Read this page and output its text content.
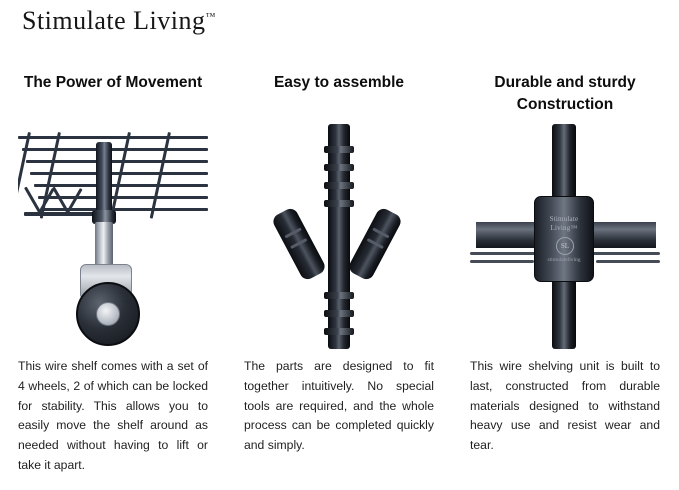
Stimulate Living™
The Power of Movement
This wire shelf comes with a set of 4 wheels, 2 of which can be locked for stability. This allows you to easily move the shelf around as needed without having to lift or take it apart.
Easy to assemble
The parts are designed to fit together intuitively. No special tools are required, and the whole process can be completed quickly and simply.
Durable and sturdy Construction
Stimulate
Living™
SL
stimulateliving
This wire shelving unit is built to last, constructed from durable materials designed to withstand heavy use and resist wear and tear.
